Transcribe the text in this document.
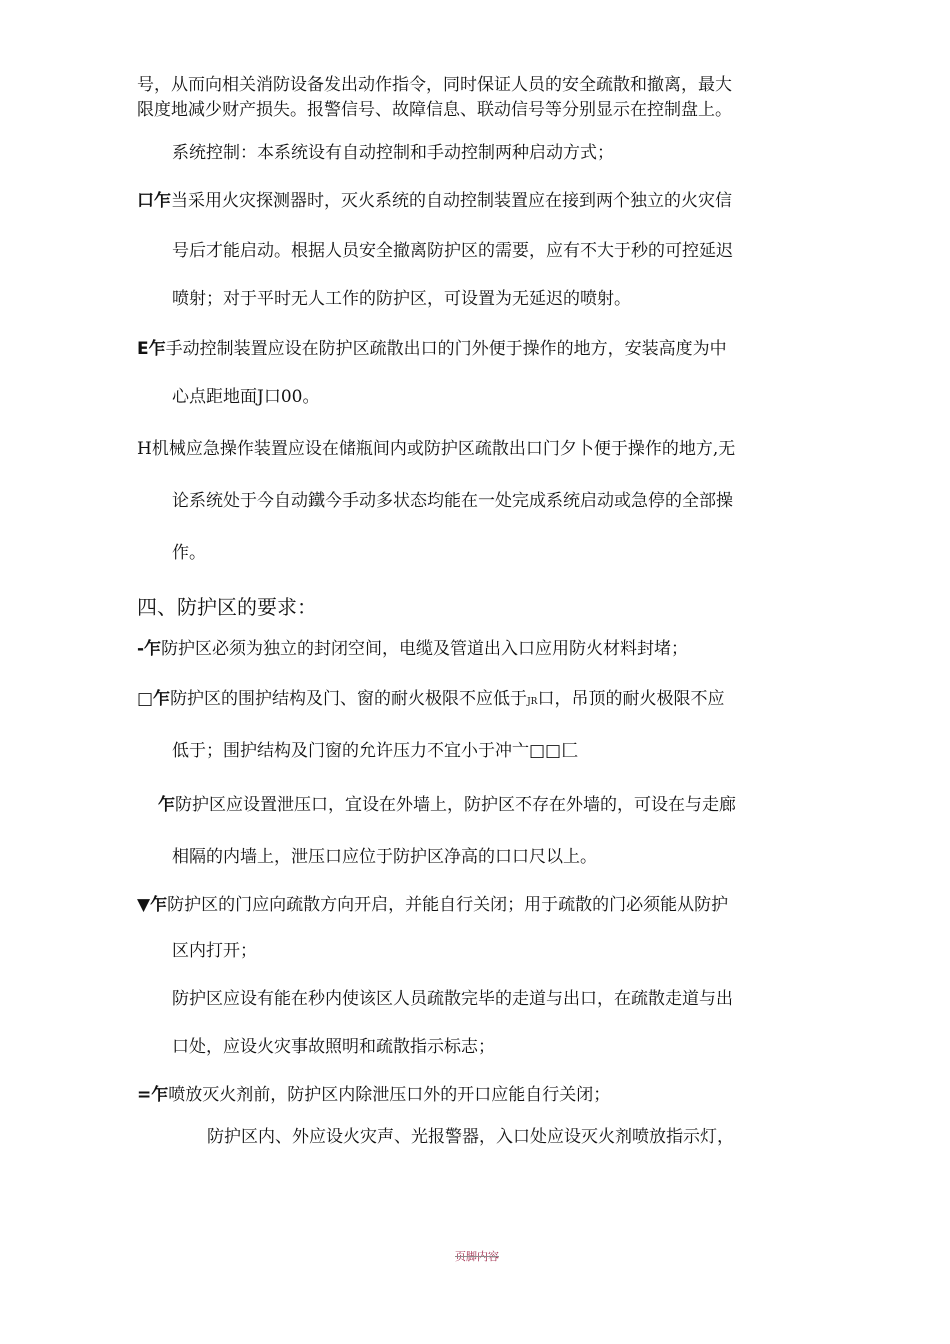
号，从而向相关消防设备发出动作指令，同时保证人员的安全疏散和撤离，最大
限度地减少财产损失。报警信号、故障信息、联动信号等分别显示在控制盘上。
系统控制：本系统设有自动控制和手动控制两种启动方式；
口乍当采用火灾探测器时，灭火系统的自动控制装置应在接到两个独立的火灾信
号后才能启动。根据人员安全撤离防护区的需要，应有不大于秒的可控延迟
喷射；对于平时无人工作的防护区，可设置为无延迟的喷射。
E乍手动控制装置应设在防护区疏散出口的门外便于操作的地方，安装高度为中
心点距地面J口00。
H机械应急操作装置应设在储瓶间内或防护区疏散出口门夕卜便于操作的地方,无
论系统处于今自动鐵今手动多状态均能在一处完成系统启动或急停的全部操
作。
四、防护区的要求：
-乍防护区必须为独立的封闭空间，电缆及管道出入口应用防火材料封堵；
□乍防护区的围护结构及门、窗的耐火极限不应低于JR口，吊顶的耐火极限不应
低于；围护结构及门窗的允许压力不宜小于冲亠□□匚
乍防护区应设置泄压口，宜设在外墙上，防护区不存在外墙的，可设在与走廊
相隔的内墙上，泄压口应位于防护区净高的口口尺以上。
▼乍防护区的门应向疏散方向开启，并能自行关闭；用于疏散的门必须能从防护
区内打开；
防护区应设有能在秒内使该区人员疏散完毕的走道与出口，在疏散走道与出
口处，应设火灾事故照明和疏散指示标志；
=乍喷放灭火剂前，防护区内除泄压口外的开口应能自行关闭；
防护区内、外应设火灾声、光报警器，入口处应设灭火剂喷放指示灯，
页脚内容
